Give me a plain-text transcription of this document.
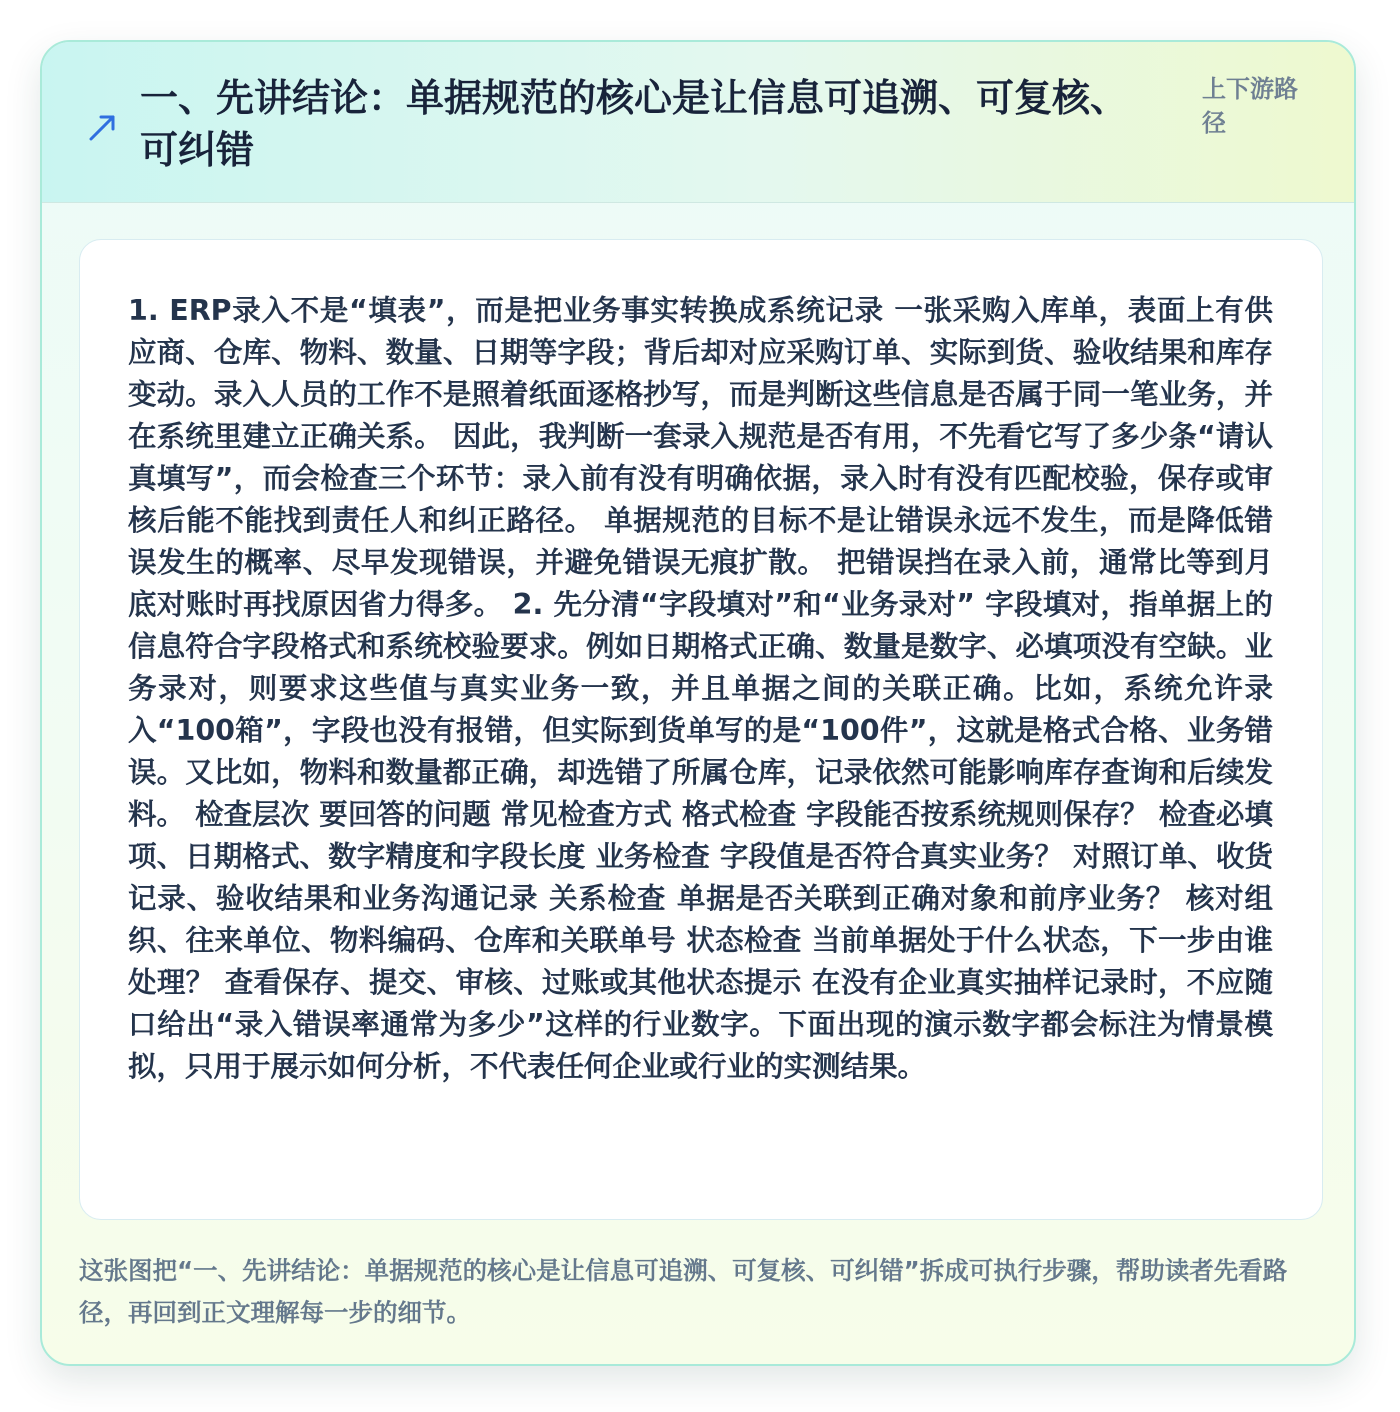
一、先讲结论：单据规范的核心是让信息可追溯、可复核、可纠错
上下游路径

1. ERP录入不是“填表”，而是把业务事实转换成系统记录 一张采购入库单，表面上有供应商、仓库、物料、数量、日期等字段；背后却对应采购订单、实际到货、验收结果和库存变动。录入人员的工作不是照着纸面逐格抄写，而是判断这些信息是否属于同一笔业务，并在系统里建立正确关系。 因此，我判断一套录入规范是否有用，不先看它写了多少条“请认真填写”，而会检查三个环节：录入前有没有明确依据，录入时有没有匹配校验，保存或审核后能不能找到责任人和纠正路径。 单据规范的目标不是让错误永远不发生，而是降低错误发生的概率、尽早发现错误，并避免错误无痕扩散。 把错误挡在录入前，通常比等到月底对账时再找原因省力得多。 2. 先分清“字段填对”和“业务录对” 字段填对，指单据上的信息符合字段格式和系统校验要求。例如日期格式正确、数量是数字、必填项没有空缺。业务录对，则要求这些值与真实业务一致，并且单据之间的关联正确。比如，系统允许录入“100箱”，字段也没有报错，但实际到货单写的是“100件”，这就是格式合格、业务错误。又比如，物料和数量都正确，却选错了所属仓库，记录依然可能影响库存查询和后续发料。 检查层次 要回答的问题 常见检查方式 格式检查 字段能否按系统规则保存？ 检查必填项、日期格式、数字精度和字段长度 业务检查 字段值是否符合真实业务？ 对照订单、收货记录、验收结果和业务沟通记录 关系检查 单据是否关联到正确对象和前序业务？ 核对组织、往来单位、物料编码、仓库和关联单号 状态检查 当前单据处于什么状态，下一步由谁处理？ 查看保存、提交、审核、过账或其他状态提示 在没有企业真实抽样记录时，不应随口给出“录入错误率通常为多少”这样的行业数字。下面出现的演示数字都会标注为情景模拟，只用于展示如何分析，不代表任何企业或行业的实测结果。

这张图把“一、先讲结论：单据规范的核心是让信息可追溯、可复核、可纠错”拆成可执行步骤，帮助读者先看路径，再回到正文理解每一步的细节。
